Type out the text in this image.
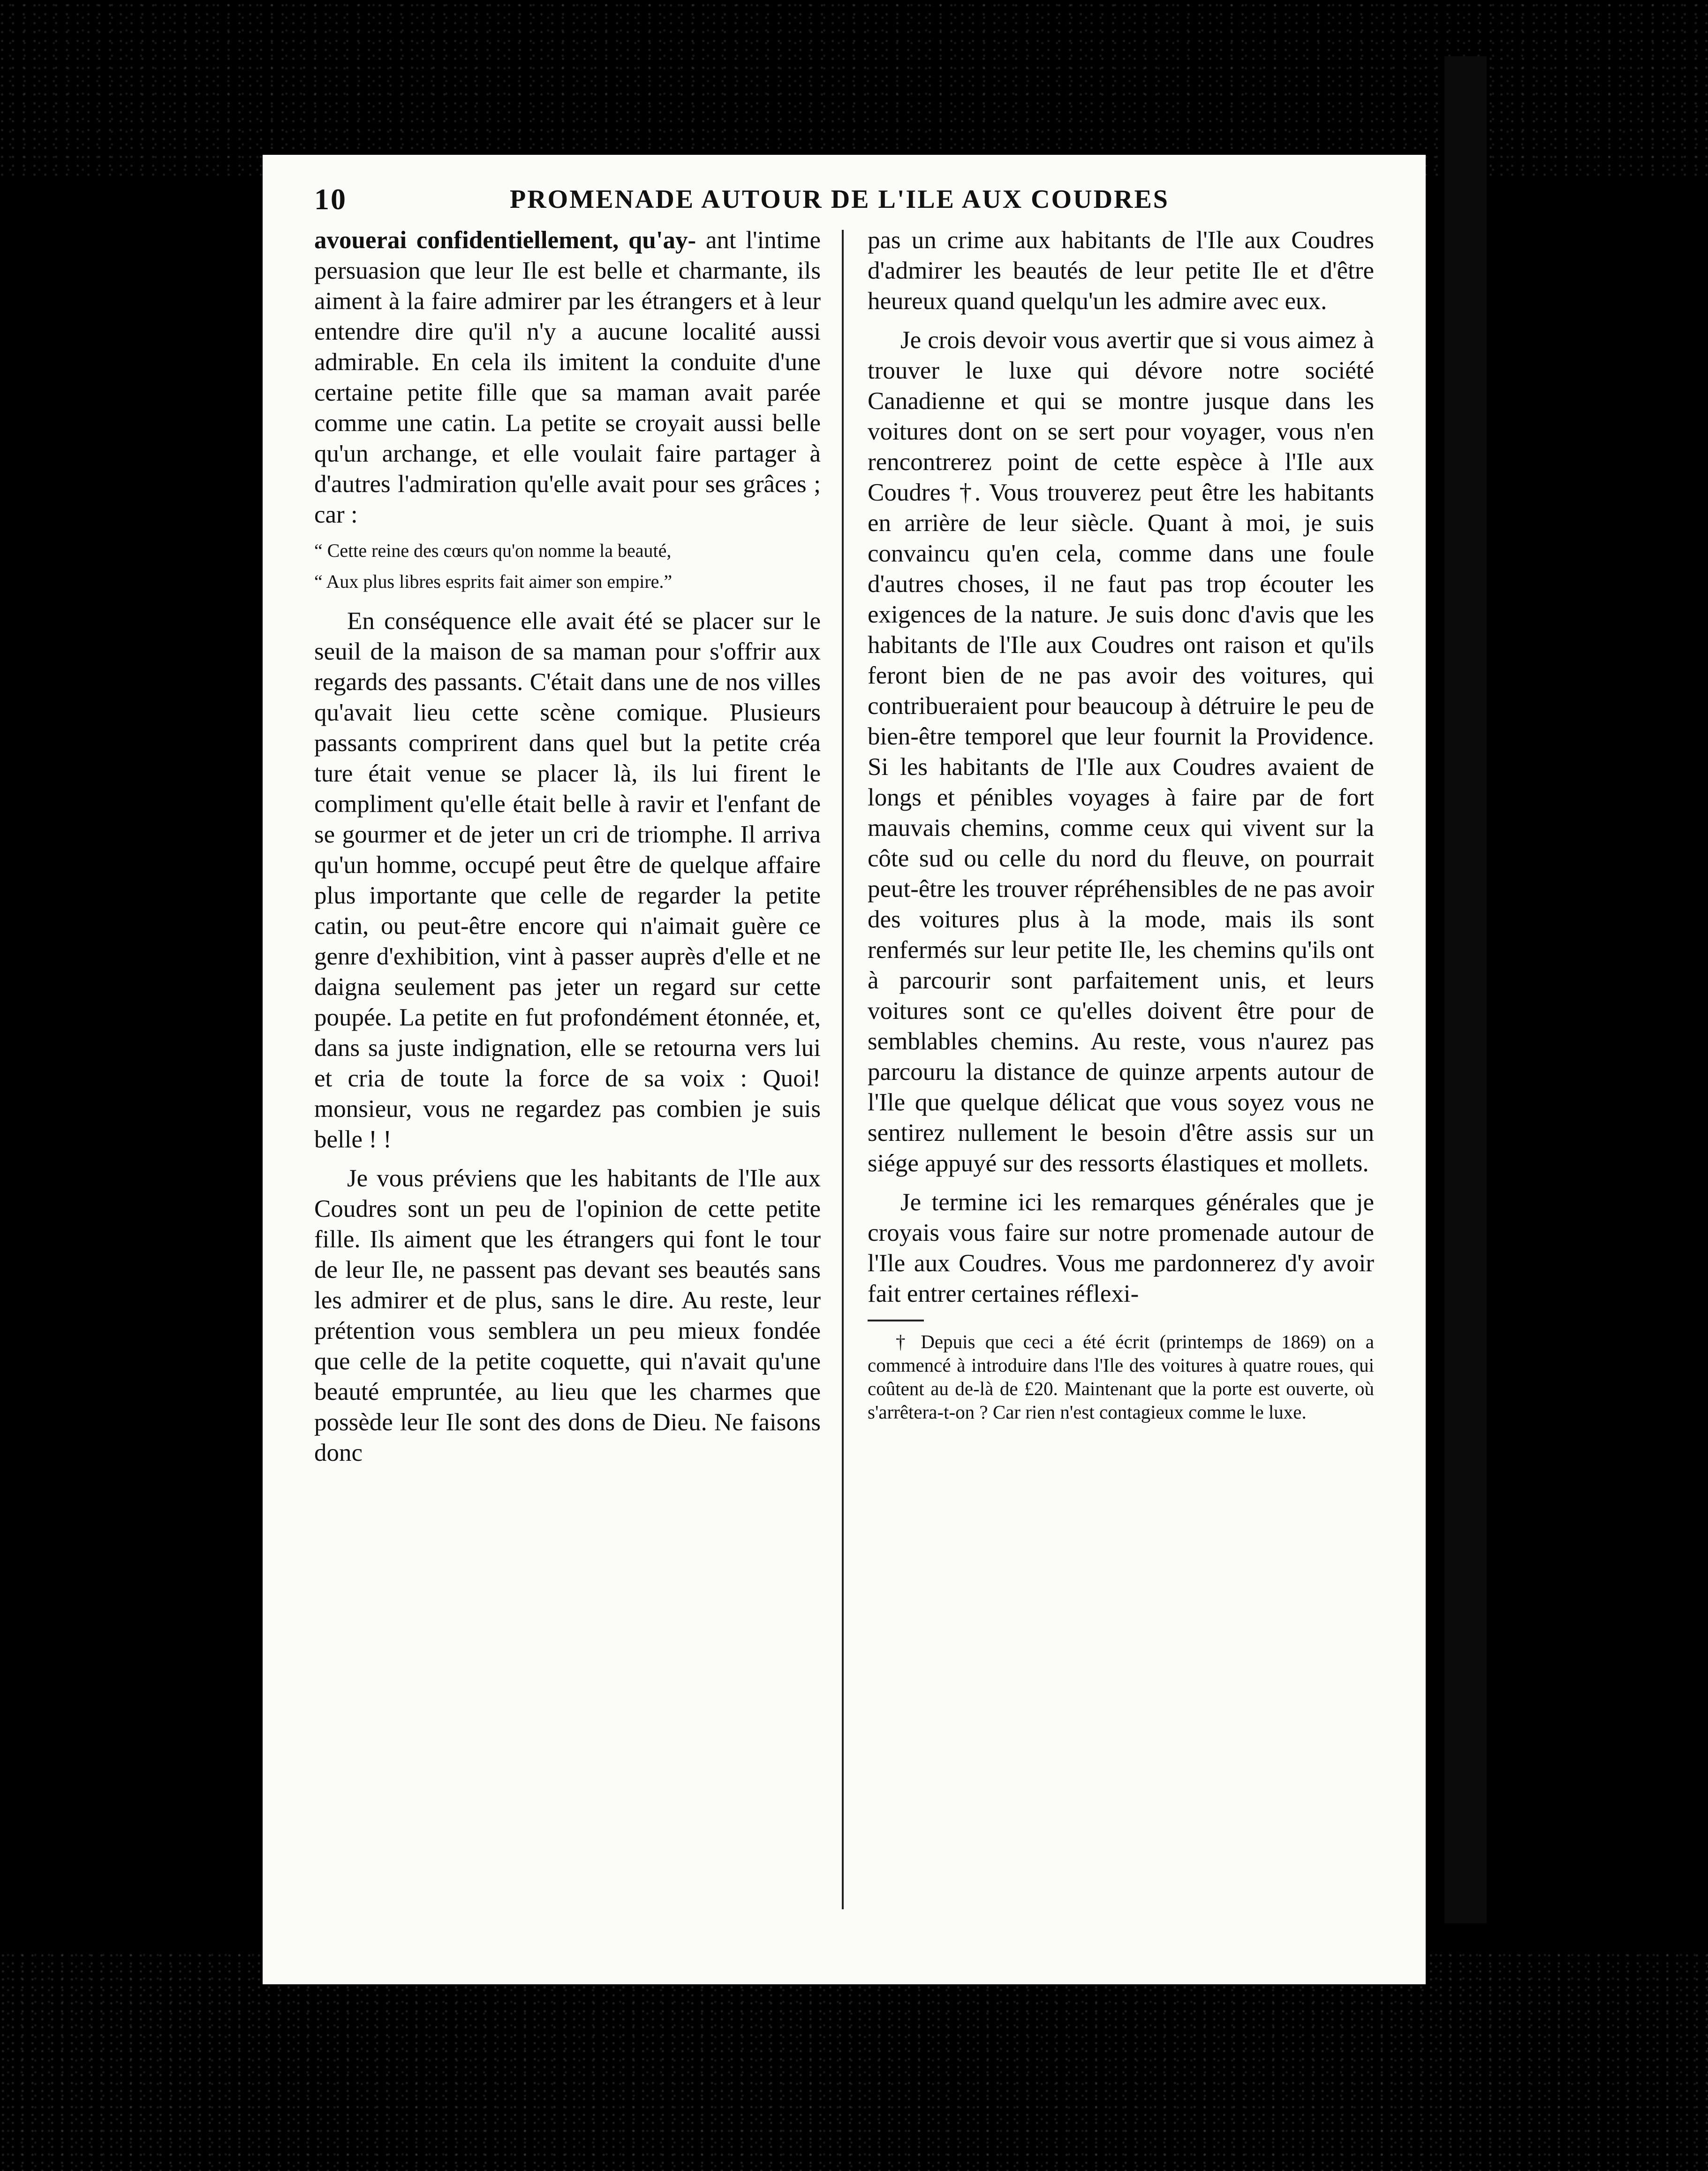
10	PROMENADE AUTOUR DE L'ILE AUX COUDRES

avouerai confidentiellement, qu'ay- ant l'intime persuasion que leur Ile est belle et charmante, ils aiment à la faire admirer par les étrangers et à leur entendre dire qu'il n'y a aucune localité aussi admirable. En cela ils imitent la conduite d'une certaine petite fille que sa maman avait parée comme une catin. La petite se croyait aussi belle qu'un archange, et elle voulait faire partager à d'autres l'admiration qu'elle avait pour ses grâces ; car :

“ Cette reine des cœurs qu'on nomme la beauté,
“ Aux plus libres esprits fait aimer son empire.”

En conséquence elle avait été se placer sur le seuil de la maison de sa maman pour s'offrir aux regards des passants. C'était dans une de nos villes qu'avait lieu cette scène comique. Plusieurs passants comprirent dans quel but la petite créa ture était venue se placer là, ils lui firent le compliment qu'elle était belle à ravir et l'enfant de se gourmer et de jeter un cri de triomphe. Il arriva qu'un homme, occupé peut être de quelque affaire plus importante que celle de regarder la petite catin, ou peut-être encore qui n'aimait guère ce genre d'exhibition, vint à passer auprès d'elle et ne daigna seulement pas jeter un regard sur cette poupée. La petite en fut profondément étonnée, et, dans sa juste indignation, elle se retourna vers lui et cria de toute la force de sa voix : Quoi! monsieur, vous ne regardez pas combien je suis belle ! !

Je vous préviens que les habitants de l'Ile aux Coudres sont un peu de l'opinion de cette petite fille. Ils aiment que les étrangers qui font le tour de leur Ile, ne passent pas devant ses beautés sans les admirer et de plus, sans le dire. Au reste, leur prétention vous semblera un peu mieux fondée que celle de la petite coquette, qui n'avait qu'une beauté empruntée, au lieu que les charmes que possède leur Ile sont des dons de Dieu. Ne faisons donc

pas un crime aux habitants de l'Ile aux Coudres d'admirer les beautés de leur petite Ile et d'être heureux quand quelqu'un les admire avec eux.

Je crois devoir vous avertir que si vous aimez à trouver le luxe qui dévore notre société Canadienne et qui se montre jusque dans les voitures dont on se sert pour voyager, vous n'en rencontrerez point de cette espèce à l'Ile aux Coudres †. Vous trouverez peut être les habitants en arrière de leur siècle. Quant à moi, je suis convaincu qu'en cela, comme dans une foule d'autres choses, il ne faut pas trop écouter les exigences de la nature. Je suis donc d'avis que les habitants de l'Ile aux Coudres ont raison et qu'ils feront bien de ne pas avoir des voitures, qui contribueraient pour beaucoup à détruire le peu de bien-être temporel que leur fournit la Providence. Si les habitants de l'Ile aux Coudres avaient de longs et pénibles voyages à faire par de fort mauvais chemins, comme ceux qui vivent sur la côte sud ou celle du nord du fleuve, on pourrait peut-être les trouver répréhensibles de ne pas avoir des voitures plus à la mode, mais ils sont renfermés sur leur petite Ile, les chemins qu'ils ont à parcourir sont parfaitement unis, et leurs voitures sont ce qu'elles doivent être pour de semblables chemins. Au reste, vous n'aurez pas parcouru la distance de quinze arpents autour de l'Ile que quelque délicat que vous soyez vous ne sentirez nullement le besoin d'être assis sur un siége appuyé sur des ressorts élastiques et mollets.

Je termine ici les remarques générales que je croyais vous faire sur notre promenade autour de l'Ile aux Coudres. Vous me pardonnerez d'y avoir fait entrer certaines réflexi-

† Depuis que ceci a été écrit (printemps de 1869) on a commencé à introduire dans l'Ile des voitures à quatre roues, qui coûtent au de-là de £20. Maintenant que la porte est ouverte, où s'arrêtera-t-on ? Car rien n'est contagieux comme le luxe.
